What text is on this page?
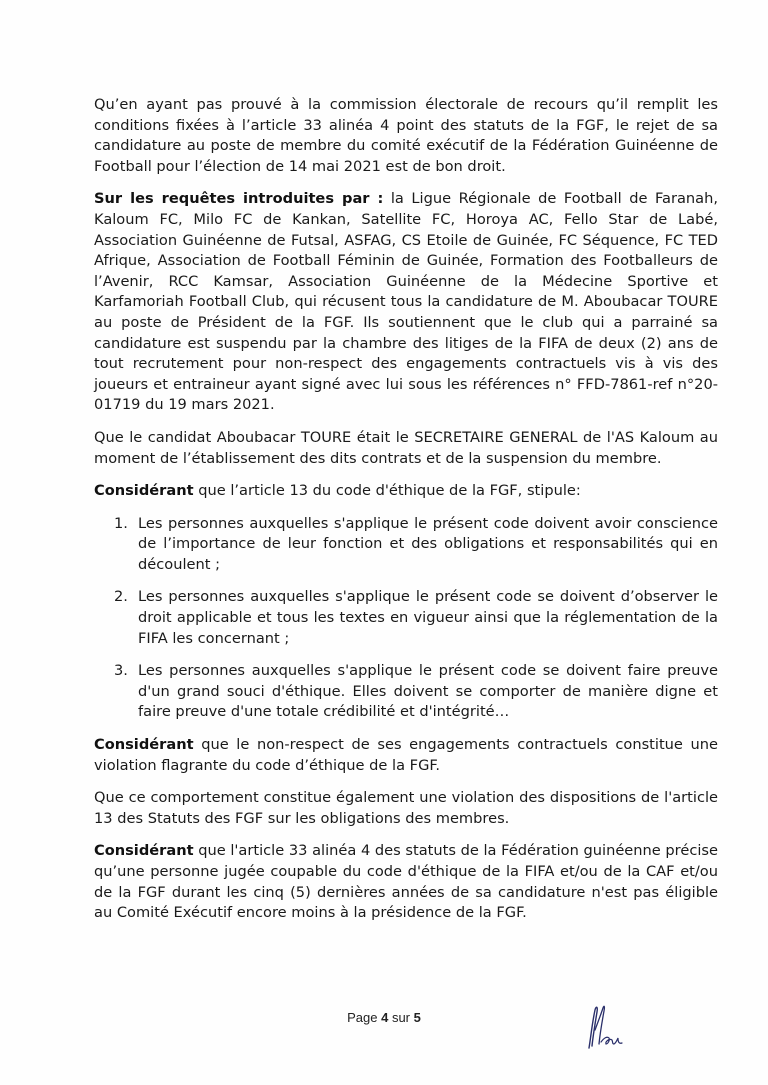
Qu’en ayant pas prouvé à la commission électorale de recours qu’il remplit les conditions fixées à l’article 33 alinéa 4 point des statuts de la FGF, le rejet de sa candidature au poste de membre du comité exécutif de la Fédération Guinéenne de Football pour l’élection de 14 mai 2021 est de bon droit.

Sur les requêtes introduites par : la Ligue Régionale de Football de Faranah, Kaloum FC, Milo FC de Kankan, Satellite FC, Horoya AC, Fello Star de Labé, Association Guinéenne de Futsal, ASFAG, CS Etoile de Guinée, FC Séquence, FC TED Afrique, Association de Football Féminin de Guinée, Formation des Footballeurs de l’Avenir, RCC Kamsar, Association Guinéenne de la Médecine Sportive et Karfamoriah Football Club, qui récusent tous la candidature de M. Aboubacar TOURE au poste de Président de la FGF. Ils soutiennent que le club qui a parrainé sa candidature est suspendu par la chambre des litiges de la FIFA de deux (2) ans de tout recrutement pour non-respect des engagements contractuels vis à vis des joueurs et entraineur ayant signé avec lui sous les références n° FFD-7861-ref n°20-01719 du 19 mars 2021.

Que le candidat Aboubacar TOURE était le SECRETAIRE GENERAL de l'AS Kaloum au moment de l’établissement des dits contrats et de la suspension du membre.

Considérant que l’article 13 du code d'éthique de la FGF, stipule:

1. Les personnes auxquelles s'applique le présent code doivent avoir conscience de l’importance de leur fonction et des obligations et responsabilités qui en découlent ;
2. Les personnes auxquelles s'applique le présent code se doivent d’observer le droit applicable et tous les textes en vigueur ainsi que la réglementation de la FIFA les concernant ;
3. Les personnes auxquelles s'applique le présent code se doivent faire preuve d'un grand souci d'éthique. Elles doivent se comporter de manière digne et faire preuve d'une totale crédibilité et d'intégrité…

Considérant que le non-respect de ses engagements contractuels constitue une violation flagrante du code d’éthique de la FGF.

Que ce comportement constitue également une violation des dispositions de l'article 13 des Statuts des FGF sur les obligations des membres.

Considérant que l'article 33 alinéa 4 des statuts de la Fédération guinéenne précise qu’une personne jugée coupable du code d'éthique de la FIFA et/ou de la CAF et/ou de la FGF durant les cinq (5) dernières années de sa candidature n'est pas éligible au Comité Exécutif encore moins à la présidence de la FGF.

Page 4 sur 5
